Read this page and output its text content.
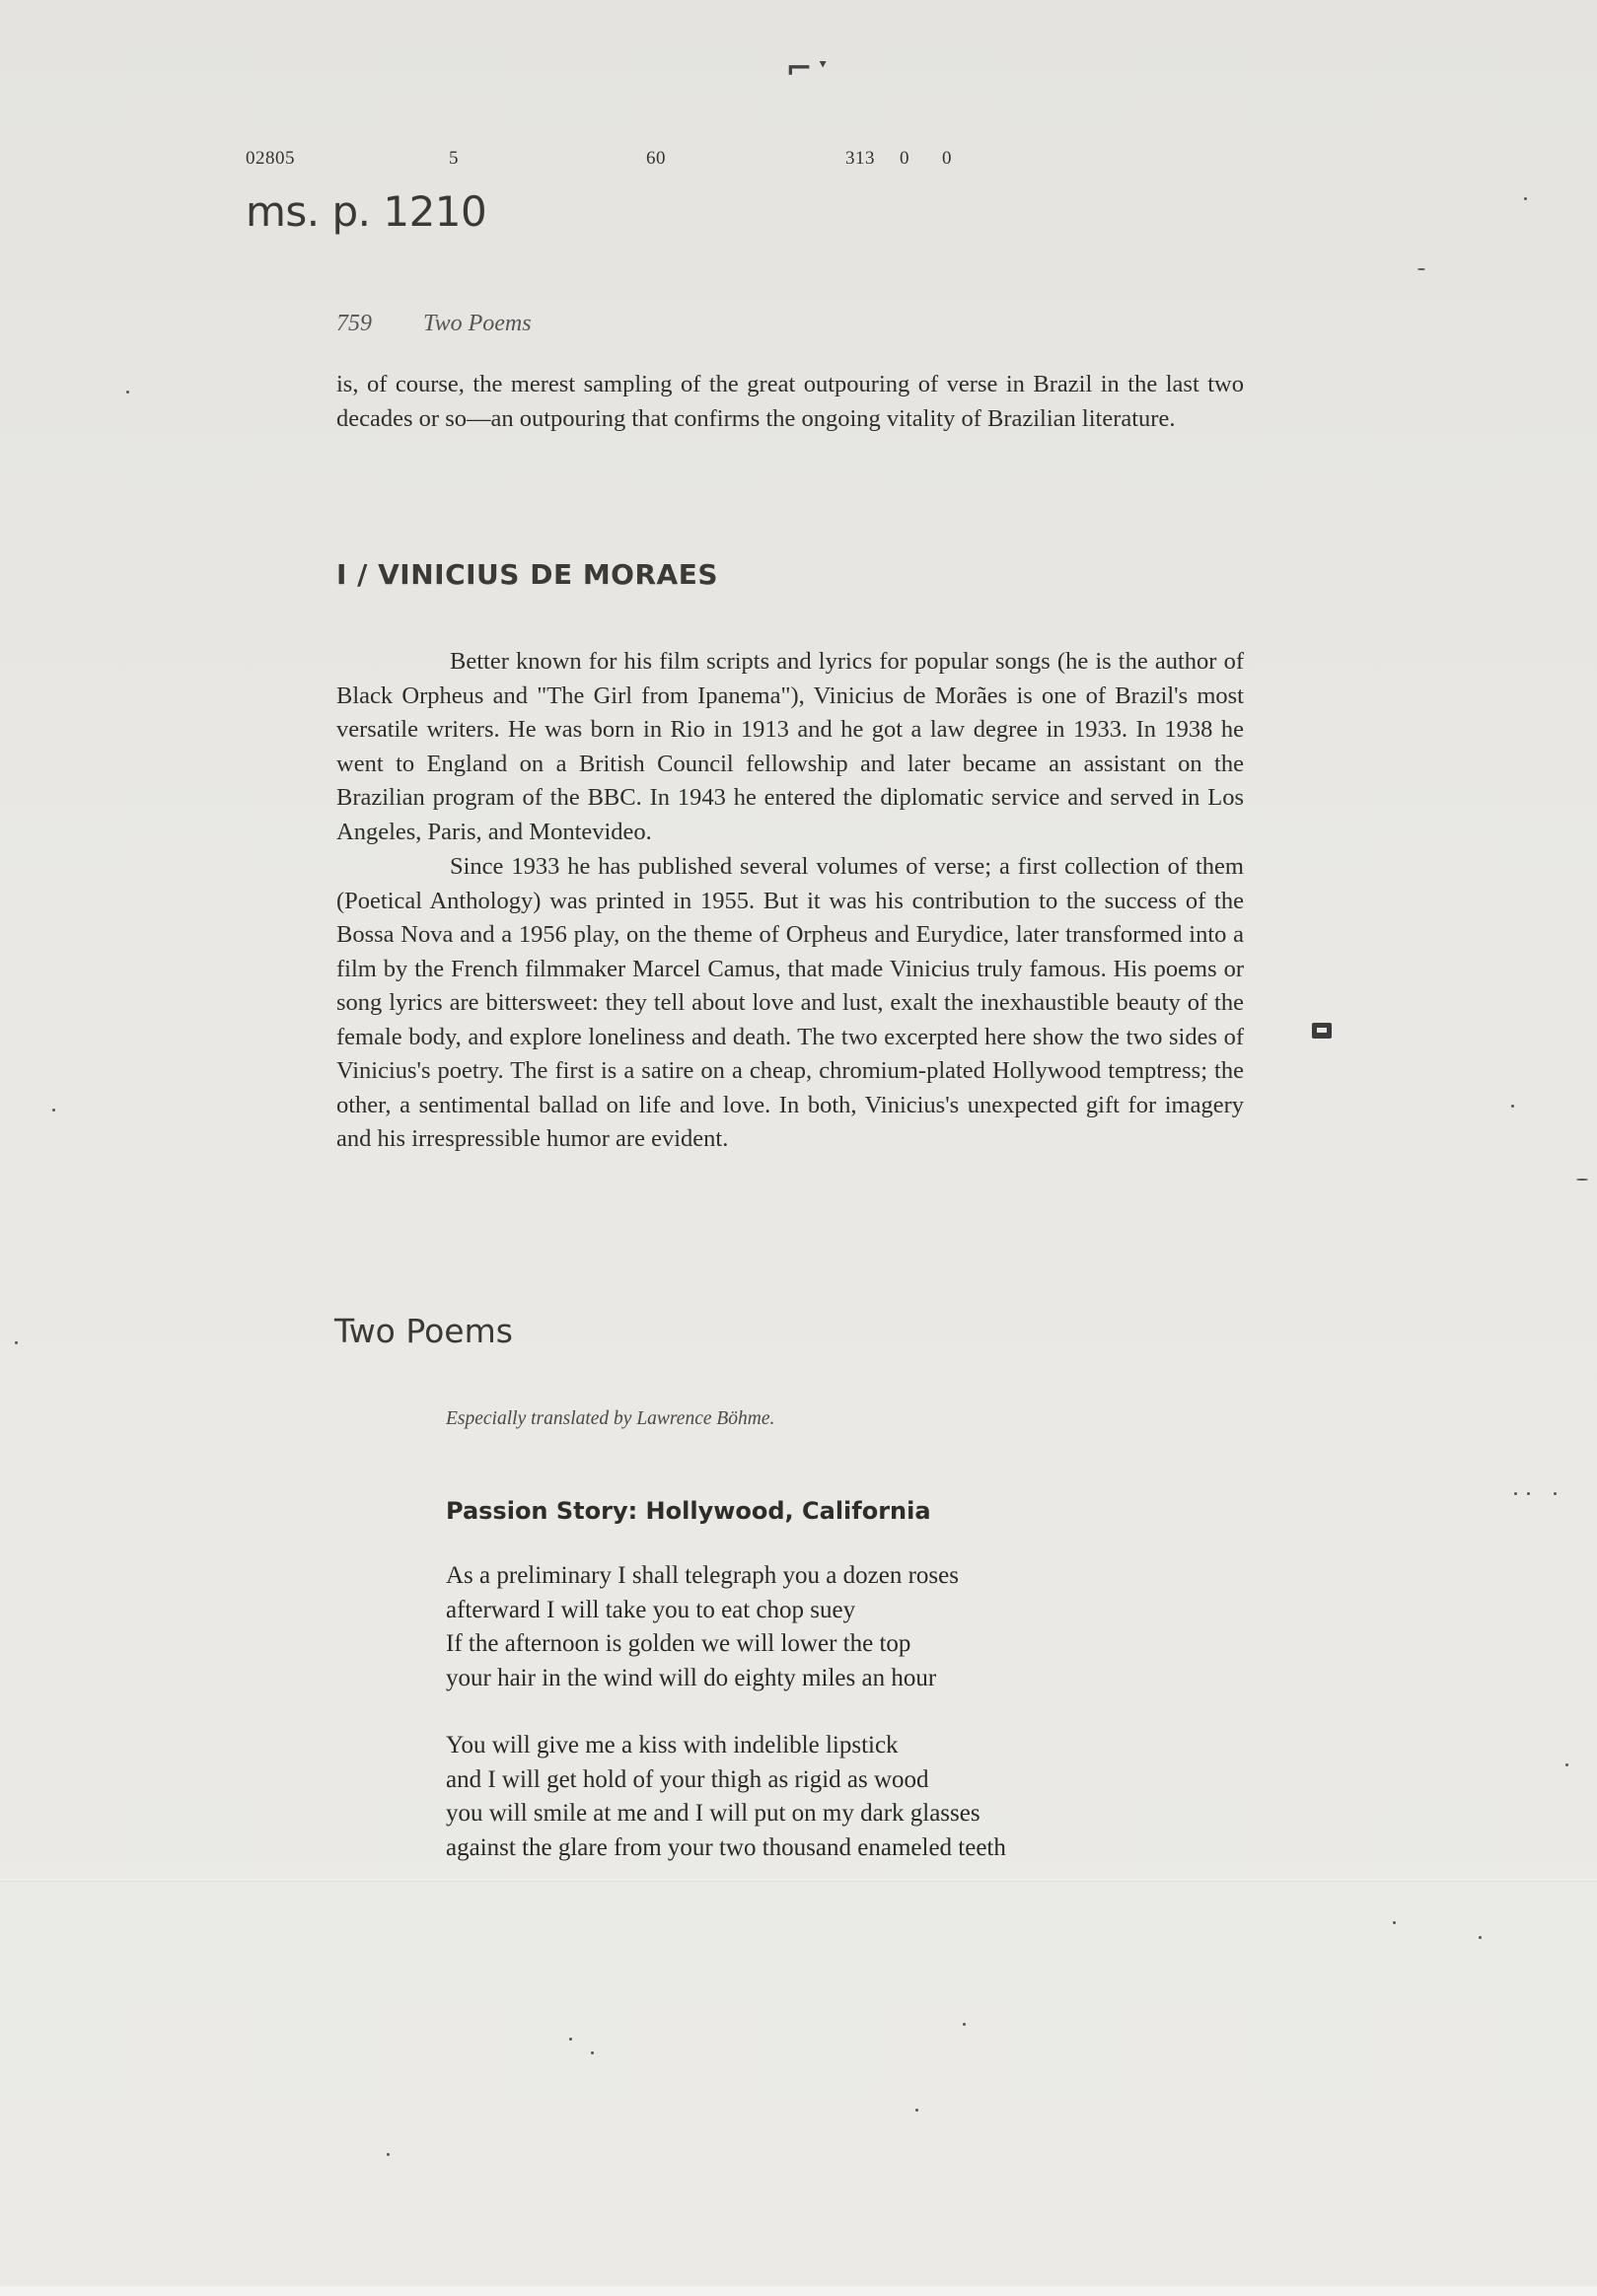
⌐ˑ
02805	5	60	313 0 0
ms. p. 1210
759 Two Poems
is, of course, the merest sampling of the great outpouring of verse in Brazil in the last two decades or so—an outpouring that confirms the ongoing vitality of Brazilian literature.
I / VINICIUS DE MORAES
Better known for his film scripts and lyrics for popular songs (he is the author of Black Orpheus and "The Girl from Ipanema"), Vinicius de Morães is one of Brazil's most versatile writers. He was born in Rio in 1913 and he got a law degree in 1933. In 1938 he went to England on a British Council fellowship and later became an assistant on the Brazilian program of the BBC. In 1943 he entered the diplomatic service and served in Los Angeles, Paris, and Montevideo.
Since 1933 he has published several volumes of verse; a first collection of them (Poetical Anthology) was printed in 1955. But it was his contribution to the success of the Bossa Nova and a 1956 play, on the theme of Orpheus and Eurydice, later transformed into a film by the French filmmaker Marcel Camus, that made Vinicius truly famous. His poems or song lyrics are bittersweet: they tell about love and lust, exalt the inexhaustible beauty of the female body, and explore loneliness and death. The two excerpted here show the two sides of Vinicius's poetry. The first is a satire on a cheap, chromium-plated Hollywood temptress; the other, a sentimental ballad on life and love. In both, Vinicius's unexpected gift for imagery and his irrespressible humor are evident.
Two Poems
Especially translated by Lawrence Böhme.
Passion Story: Hollywood, California
As a preliminary I shall telegraph you a dozen roses
afterward I will take you to eat chop suey
If the afternoon is golden we will lower the top
your hair in the wind will do eighty miles an hour
You will give me a kiss with indelible lipstick
and I will get hold of your thigh as rigid as wood
you will smile at me and I will put on my dark glasses
against the glare from your two thousand enameled teeth
